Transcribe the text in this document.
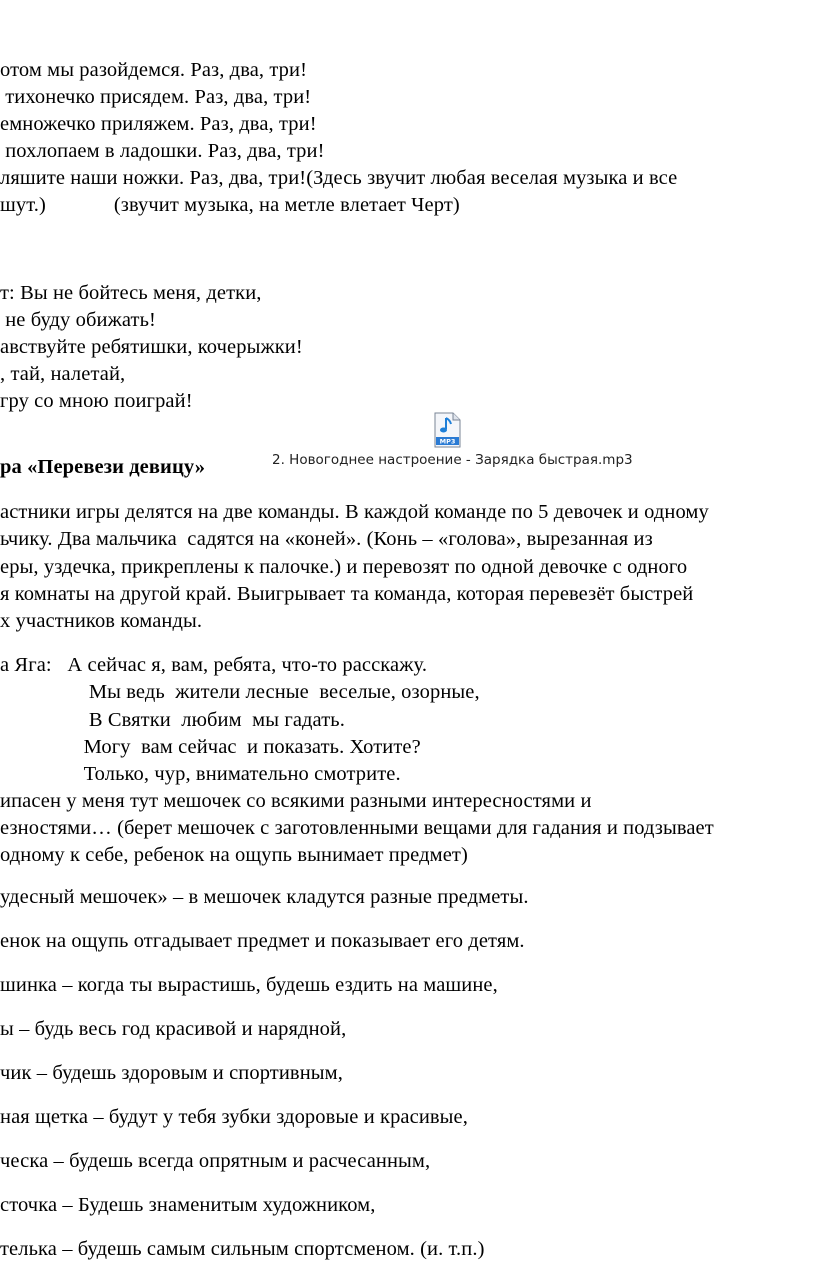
отом мы разойдемся. Раз, два, три!
тихонечко присядем. Раз, два, три!
емножечко приляжем. Раз, два, три!
похлопаем в ладошки. Раз, два, три!
ляшите наши ножки. Раз, два, три!(Здесь звучит любая веселая музыка и все
шут.)             (звучит музыка, на метле влетает Черт)
т: Вы не бойтесь меня, детки,
не буду обижать!
авствуйте ребятишки, кочерыжки!
, тай, налетай,
гру со мною поиграй!
MP3
2. Новогоднее настроение - Зарядка быстрая.mp3
ра «Перевези девицу»
астники игры делятся на две команды. В каждой команде по 5 девочек и одному
ьчику. Два мальчика  садятся на «коней». (Конь – «голова», вырезанная из
еры, уздечка, прикреплены к палочке.) и перевозят по одной девочке с одного
я комнаты на другой край. Выигрывает та команда, которая перевезёт быстрей
х участников команды.
а Яга:   А сейчас я, вам, ребята, что-то расскажу.
Мы ведь  жители лесные  веселые, озорные,
В Святки  любим  мы гадать.
Могу  вам сейчас  и показать. Хотите?
Только, чур, внимательно смотрите.
ипасен у меня тут мешочек со всякими разными интересностями и
езностями… (берет мешочек с заготовленными вещами для гадания и подзывает
одному к себе, ребенок на ощупь вынимает предмет)
удесный мешочек» – в мешочек кладутся разные предметы.
енок на ощупь отгадывает предмет и показывает его детям.
шинка – когда ты вырастишь, будешь ездить на машине,
ы – будь весь год красивой и нарядной,
чик – будешь здоровым и спортивным,
ная щетка – будут у тебя зубки здоровые и красивые,
ческа – будешь всегда опрятным и расчесанным,
сточка – Будешь знаменитым художником,
телька – будешь самым сильным спортсменом. (и. т.п.)
